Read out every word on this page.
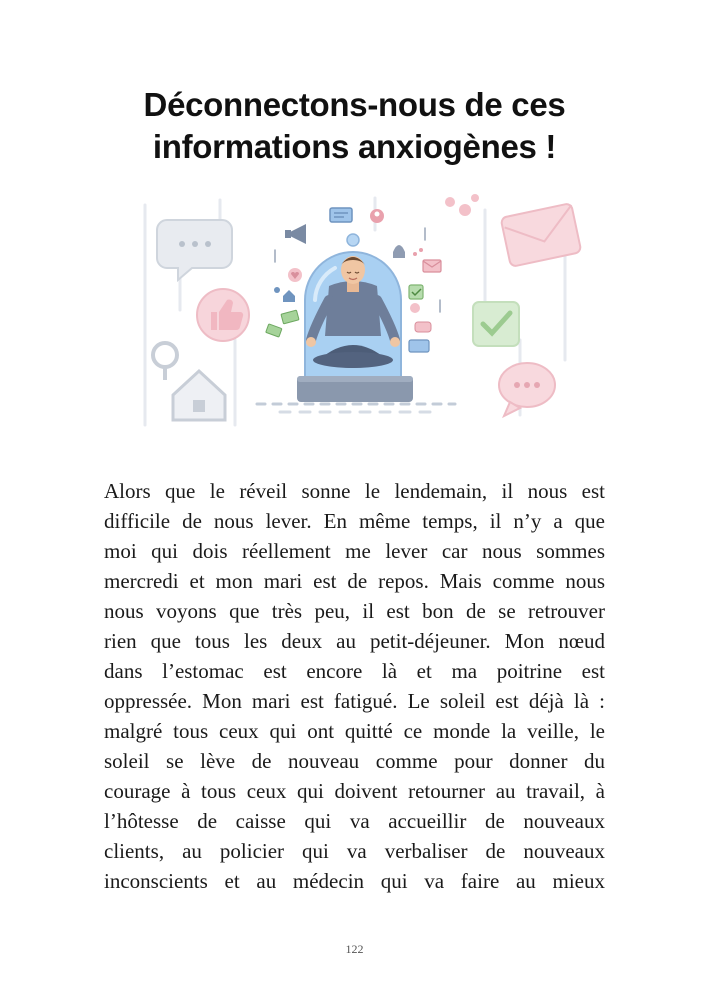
Déconnectons-nous de ces
informations anxiogènes !
Alors que le réveil sonne le lendemain, il nous est
difficile de nous lever. En même temps, il n’y a que
moi qui dois réellement me lever car nous sommes
mercredi et mon mari est de repos. Mais comme nous
nous voyons que très peu, il est bon de se retrouver
rien que tous les deux au petit-déjeuner. Mon nœud
dans l’estomac est encore là et ma poitrine est
oppressée. Mon mari est fatigué. Le soleil est déjà là :
malgré tous ceux qui ont quitté ce monde la veille, le
soleil se lève de nouveau comme pour donner du
courage à tous ceux qui doivent retourner au travail, à
l’hôtesse de caisse qui va accueillir de nouveaux
clients, au policier qui va verbaliser de nouveaux
inconscients et au médecin qui va faire au mieux
122
